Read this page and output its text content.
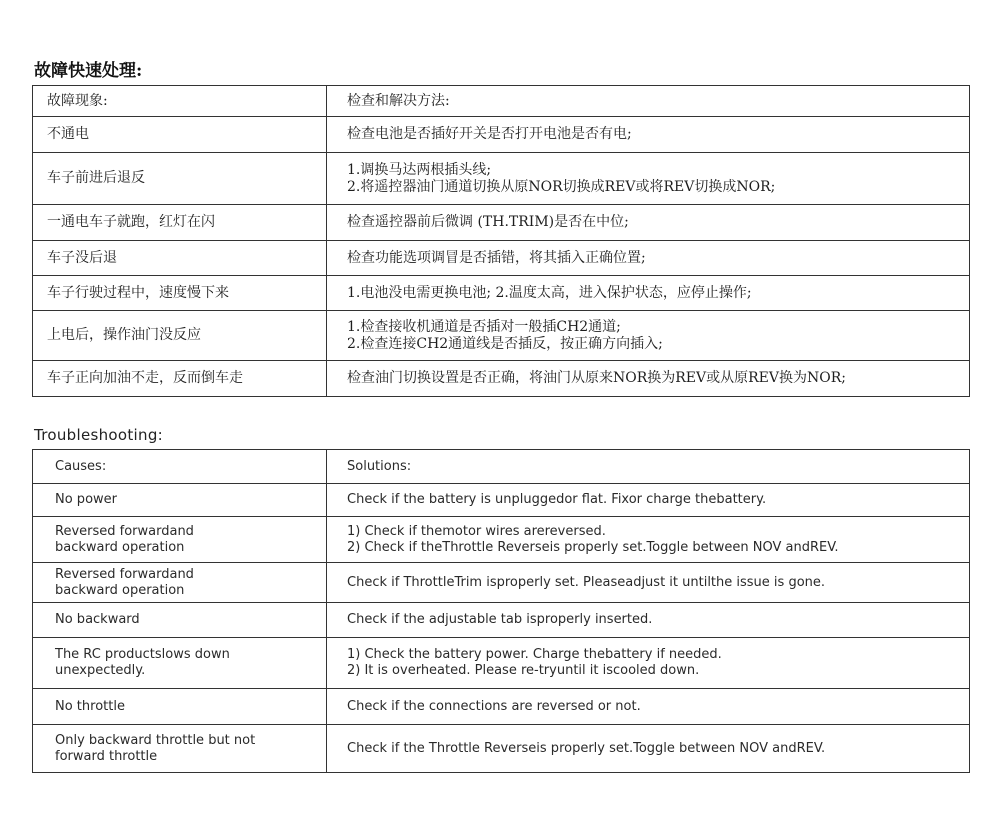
故障快速处理:
故障现象:	检查和解决方法:
不通电	检查电池是否插好开关是否打开电池是否有电;

车子前进后退反	1.调换马达两根插头线;
2.将遥控器油门通道切换从原NOR切换成REV或将REV切换成NOR;

一通电车子就跑，红灯在闪	检查遥控器前后微调 (TH.TRIM)是否在中位;

车子没后退	检查功能选项调冒是否插错，将其插入正确位置;

车子行驶过程中，速度慢下来	1.电池没电需更换电池; 2.温度太高，进入保护状态，应停止操作;

上电后，操作油门没反应	1.检查接收机通道是否插对一般插CH2通道;
2.检查连接CH2通道线是否插反，按正确方向插入;

车子正向加油不走，反而倒车走	检查油门切换设置是否正确，将油门从原来NOR换为REV或从原REV换为NOR;
Troubleshooting:
Causes:	Solutions:

No power	Check if the battery is unpluggedor flat. Fixor charge thebattery.

Reversed forwardand
backward operation	1) Check if themotor wires arereversed.
2) Check if theThrottle Reverseis properly set.Toggle between NOV andREV.

Reversed forwardand
backward operation	Check if ThrottleTrim isproperly set. Pleaseadjust it untilthe issue is gone.

No backward	Check if the adjustable tab isproperly inserted.

The RC productslows down
unexpectedly.	1) Check the battery power. Charge thebattery if needed.
2) It is overheated. Please re-tryuntil it iscooled down.

No throttle	Check if the connections are reversed or not.

Only backward throttle but not
forward throttle	Check if the Throttle Reverseis properly set.Toggle between NOV andREV.
